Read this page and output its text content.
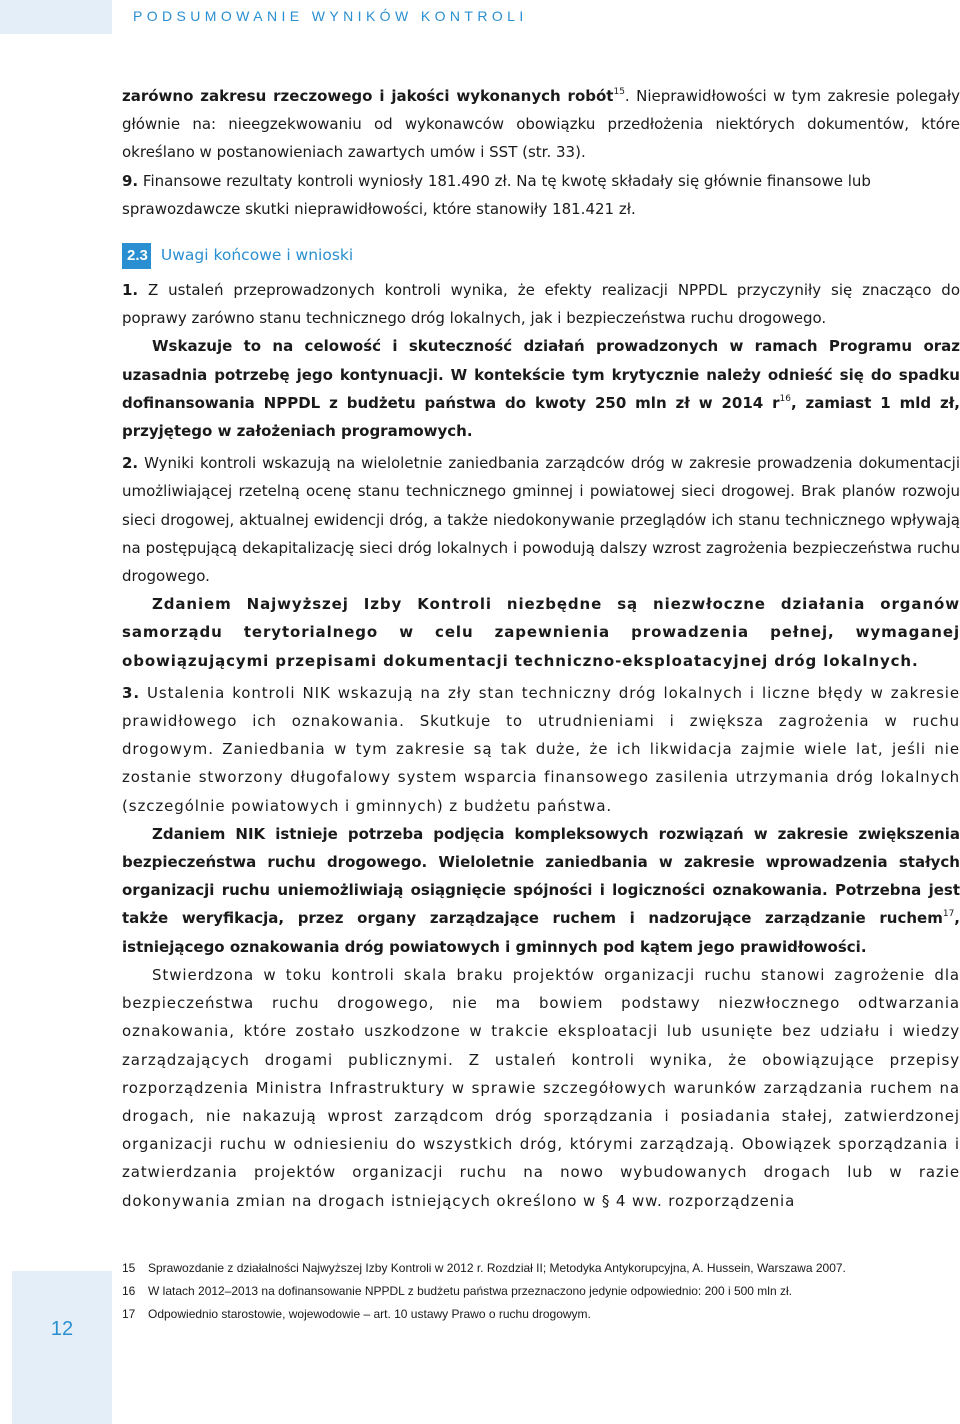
PODSUMOWANIE WYNIKÓW KONTROLI

zarówno zakresu rzeczowego i jakości wykonanych robót$^{15}$. Nieprawidłowości w tym zakresie polegały głównie na: nieegzekwowaniu od wykonawców obowiązku przedłożenia niektórych dokumentów, które określano w postanowieniach zawartych umów i SST (str. 33).

9. Finansowe rezultaty kontroli wyniosły 181.490 zł. Na tę kwotę składały się głównie finansowe lub sprawozdawcze skutki nieprawidłowości, które stanowiły 181.421 zł.

2.3 Uwagi końcowe i wnioski

1. Z ustaleń przeprowadzonych kontroli wynika, że efekty realizacji NPPDL przyczyniły się znacząco do poprawy zarówno stanu technicznego dróg lokalnych, jak i bezpieczeństwa ruchu drogowego.

Wskazuje to na celowość i skuteczność działań prowadzonych w ramach Programu oraz uzasadnia potrzebę jego kontynuacji. W kontekście tym krytycznie należy odnieść się do spadku dofinansowania NPPDL z budżetu państwa do kwoty 250 mln zł w 2014 $r^{16}$, zamiast 1 mld zł, przyjętego w założeniach programowych.

2. Wyniki kontroli wskazują na wieloletnie zaniedbania zarządców dróg w zakresie prowadzenia dokumentacji umożliwiającej rzetelną ocenę stanu technicznego gminnej i powiatowej sieci drogowej. Brak planów rozwoju sieci drogowej, aktualnej ewidencji dróg, a także niedokonywanie przeglądów ich stanu technicznego wpływają na postępującą dekapitalizację sieci dróg lokalnych i powodują dalszy wzrost zagrożenia bezpieczeństwa ruchu drogowego.

Zdaniem Najwyższej Izby Kontroli niezbędne są niezwłoczne działania organów samorządu terytorialnego w celu zapewnienia prowadzenia pełnej, wymaganej obowiązującymi przepisami dokumentacji techniczno-eksploatacyjnej dróg lokalnych.

3. Ustalenia kontroli NIK wskazują na zły stan techniczny dróg lokalnych i liczne błędy w zakresie prawidłowego ich oznakowania. Skutkuje to utrudnieniami i zwiększa zagrożenia w ruchu drogowym. Zaniedbania w tym zakresie są tak duże, że ich likwidacja zajmie wiele lat, jeśli nie zostanie stworzony długofalowy system wsparcia finansowego zasilenia utrzymania dróg lokalnych (szczególnie powiatowych i gminnych) z budżetu państwa.

Zdaniem NIK istnieje potrzeba podjęcia kompleksowych rozwiązań w zakresie zwiększenia bezpieczeństwa ruchu drogowego. Wieloletnie zaniedbania w zakresie wprowadzenia stałych organizacji ruchu uniemożliwiają osiągnięcie spójności i logiczności oznakowania. Potrzebna jest także weryfikacja, przez organy zarządzające ruchem i nadzorujące zarządzanie ruchem$^{17}$, istniejącego oznakowania dróg powiatowych i gminnych pod kątem jego prawidłowości.

Stwierdzona w toku kontroli skala braku projektów organizacji ruchu stanowi zagrożenie dla bezpieczeństwa ruchu drogowego, nie ma bowiem podstawy niezwłocznego odtwarzania oznakowania, które zostało uszkodzone w trakcie eksploatacji lub usunięte bez udziału i wiedzy zarządzających drogami publicznymi. Z ustaleń kontroli wynika, że obowiązujące przepisy rozporządzenia Ministra Infrastruktury w sprawie szczegółowych warunków zarządzania ruchem na drogach, nie nakazują wprost zarządcom dróg sporządzania i posiadania stałej, zatwierdzonej organizacji ruchu w odniesieniu do wszystkich dróg, którymi zarządzają. Obowiązek sporządzania i zatwierdzania projektów organizacji ruchu na nowo wybudowanych drogach lub w razie dokonywania zmian na drogach istniejących określono w § 4 ww. rozporządzenia

15	Sprawozdanie z działalności Najwyższej Izby Kontroli w 2012 r. Rozdział II; Metodyka Antykorupcyjna, A. Hussein, Warszawa 2007.
16	W latach 2012–2013 na dofinansowanie NPPDL z budżetu państwa przeznaczono jedynie odpowiednio: 200 i 500 mln zł.
17	Odpowiednio starostowie, wojewodowie – art. 10 ustawy Prawo o ruchu drogowym.
12
